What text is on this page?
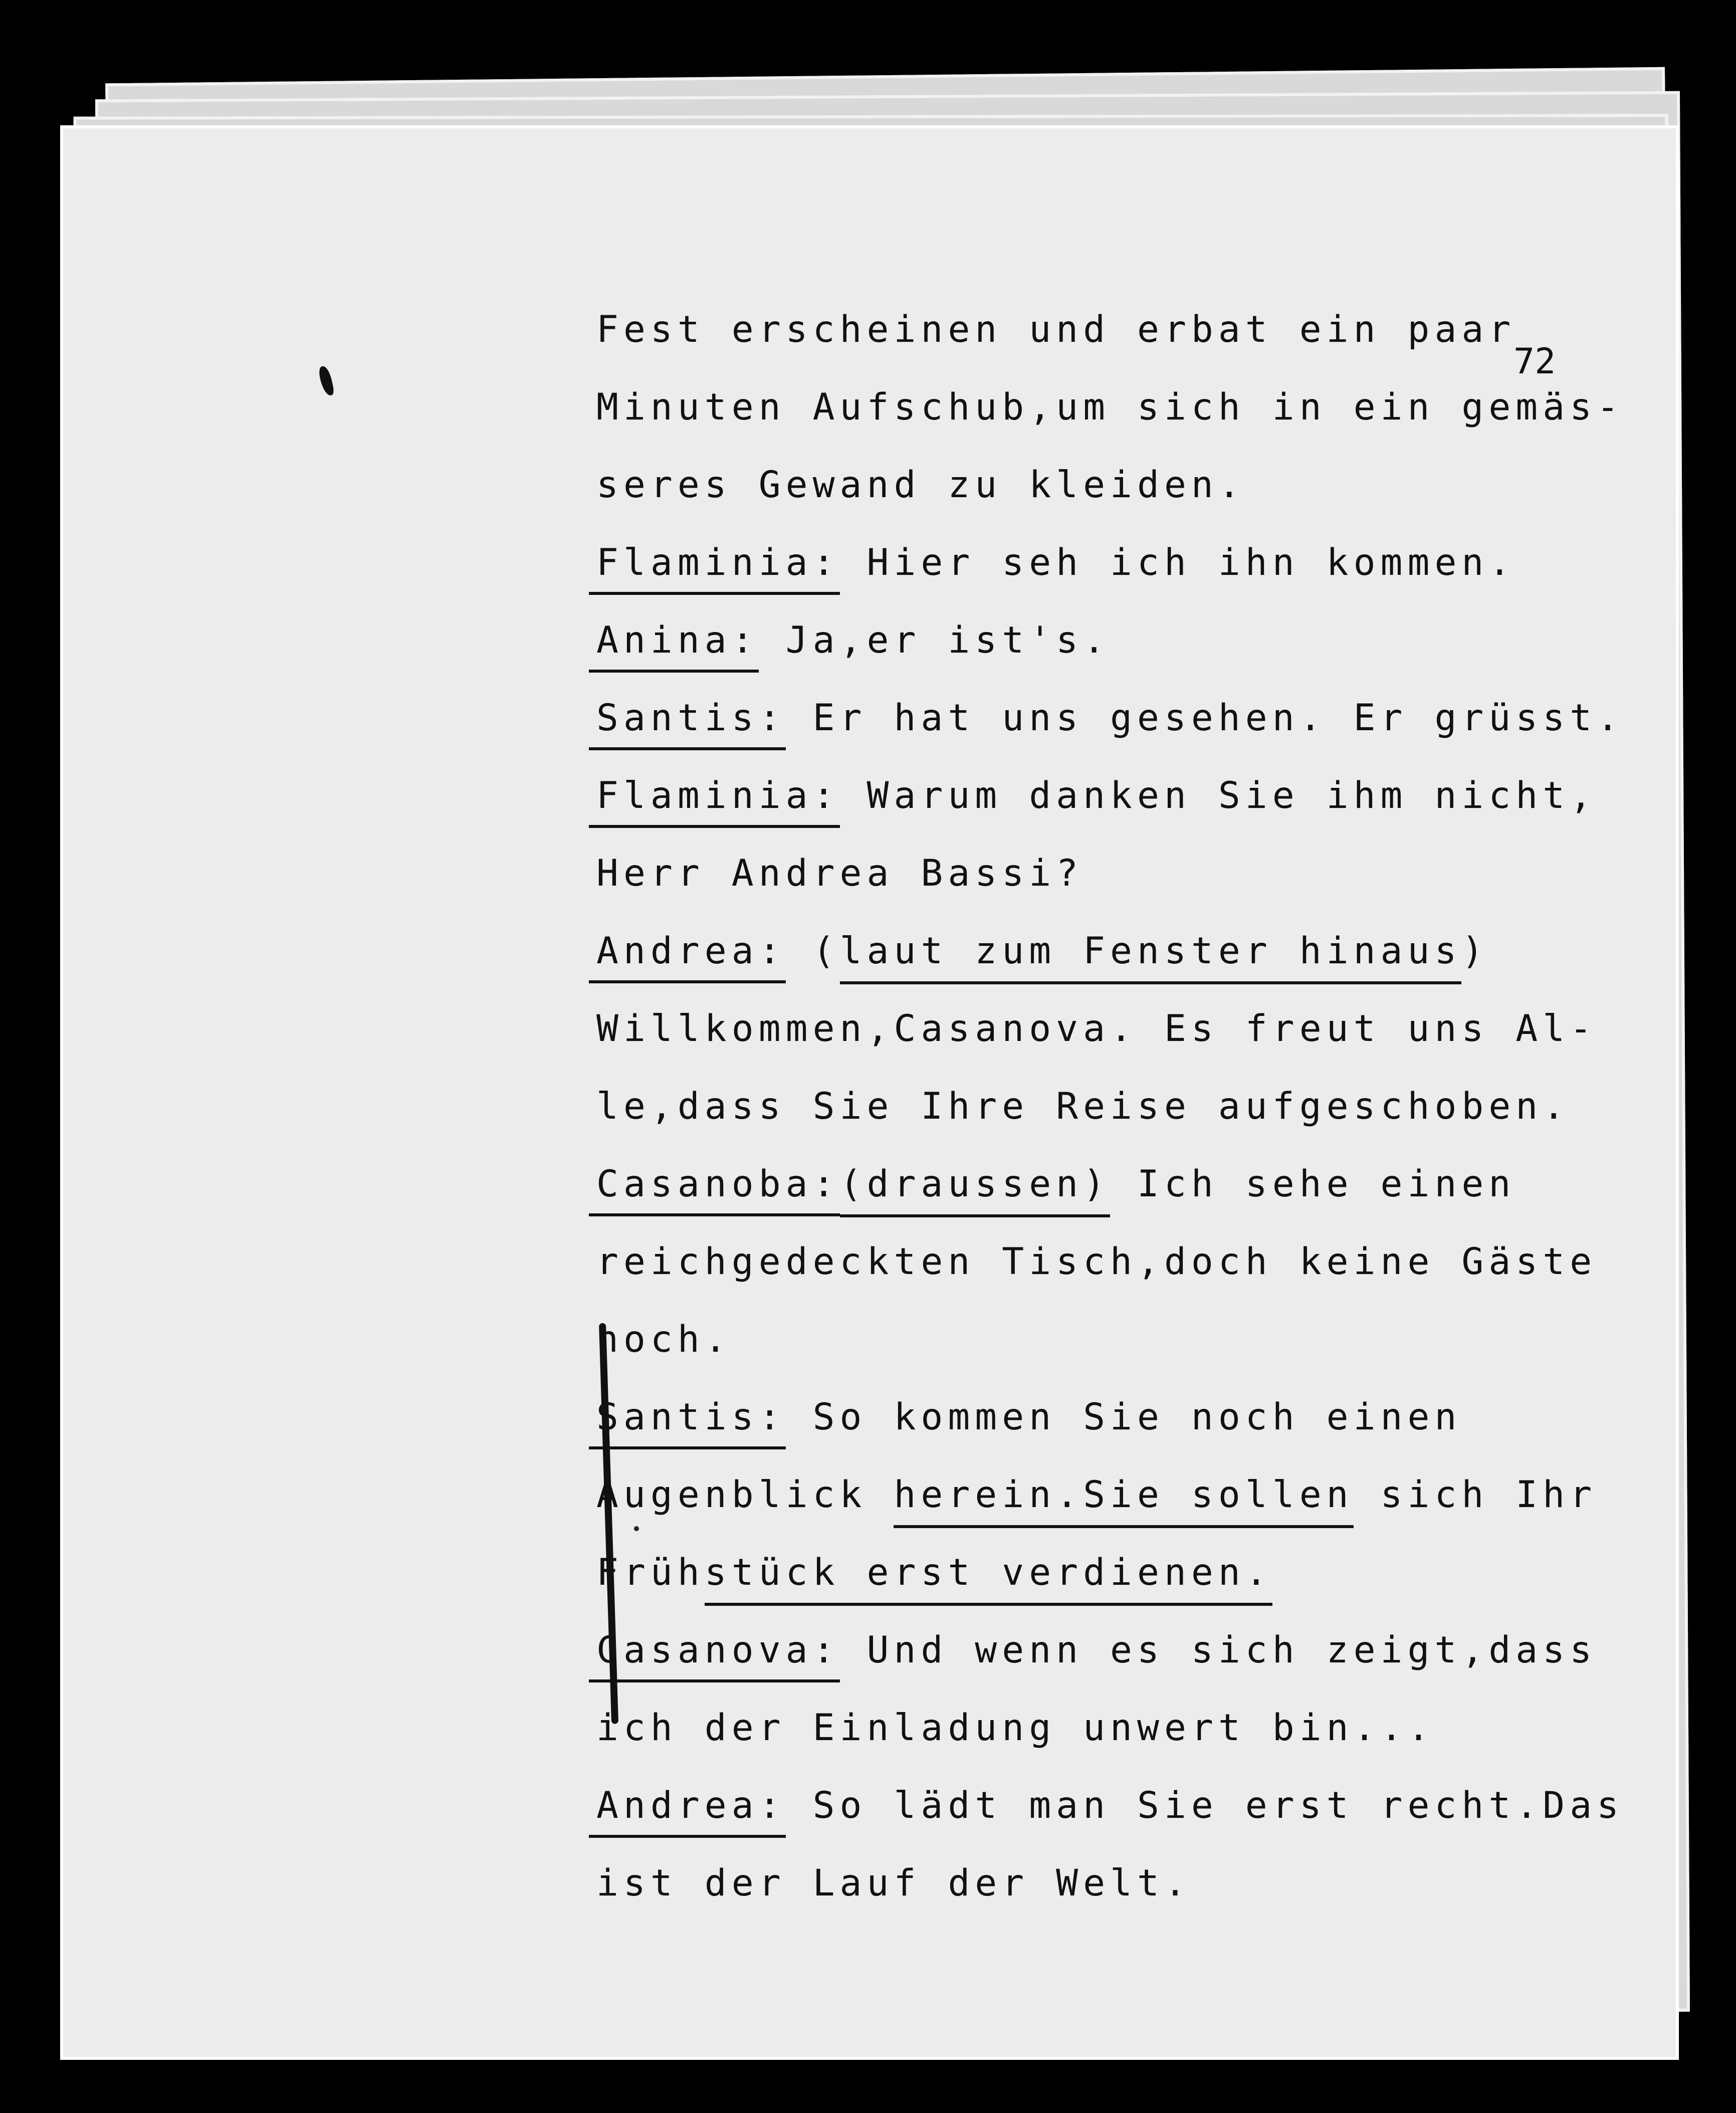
72
Fest erscheinen und erbat ein paar
Minuten Aufschub,um sich in ein gemäs-
seres Gewand zu kleiden.
Flaminia: Hier seh ich ihn kommen.
Anina: Ja,er ist's.
Santis: Er hat uns gesehen. Er grüsst.
Flaminia: Warum danken Sie ihm nicht,
Herr Andrea Bassi?
Andrea: (laut zum Fenster hinaus)
Willkommen,Casanova. Es freut uns Al-
le,dass Sie Ihre Reise aufgeschoben.
Casanoba:(draussen) Ich sehe einen
reichgedeckten Tisch,doch keine Gäste
noch.
Santis: So kommen Sie noch einen
Augenblick herein.Sie sollen sich Ihr
Frühstück erst verdienen.
Casanova: Und wenn es sich zeigt,dass
ich der Einladung unwert bin...
Andrea: So lädt man Sie erst recht.Das
ist der Lauf der Welt.
